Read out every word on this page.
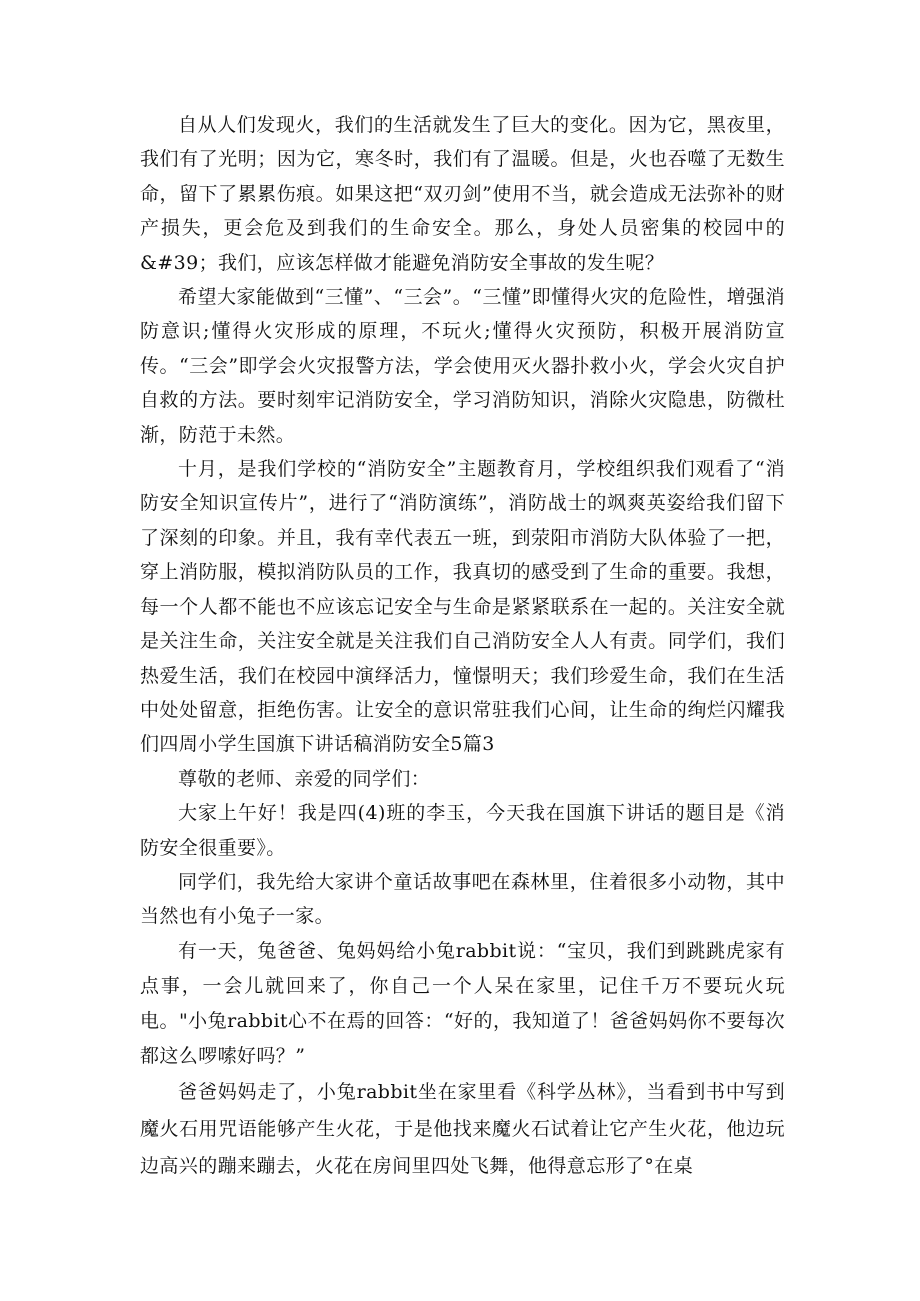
自从人们发现火，我们的生活就发生了巨大的变化。因为它，黑夜里，我们有了光明；因为它，寒冬时，我们有了温暖。但是，火也吞噬了无数生命，留下了累累伤痕。如果这把“双刃剑”使用不当，就会造成无法弥补的财产损失，更会危及到我们的生命安全。那么，身处人员密集的校园中的&#39；我们，应该怎样做才能避免消防安全事故的发生呢？

希望大家能做到“三懂”、“三会”。“三懂”即懂得火灾的危险性，增强消防意识;懂得火灾形成的原理，不玩火;懂得火灾预防，积极开展消防宣传。“三会”即学会火灾报警方法，学会使用灭火器扑救小火，学会火灾自护自救的方法。要时刻牢记消防安全，学习消防知识，消除火灾隐患，防微杜渐，防范于未然。

十月，是我们学校的“消防安全”主题教育月，学校组织我们观看了“消防安全知识宣传片”，进行了“消防演练”，消防战士的飒爽英姿给我们留下了深刻的印象。并且，我有幸代表五一班，到荥阳市消防大队体验了一把，穿上消防服，模拟消防队员的工作，我真切的感受到了生命的重要。我想，每一个人都不能也不应该忘记安全与生命是紧紧联系在一起的。关注安全就是关注生命，关注安全就是关注我们自己消防安全人人有责。同学们，我们热爱生活，我们在校园中演绎活力，憧憬明天；我们珍爱生命，我们在生活中处处留意，拒绝伤害。让安全的意识常驻我们心间，让生命的绚烂闪耀我们四周小学生国旗下讲话稿消防安全5篇3

尊敬的老师、亲爱的同学们：

大家上午好！我是四(4)班的李玉，今天我在国旗下讲话的题目是《消防安全很重要》。

同学们，我先给大家讲个童话故事吧在森林里，住着很多小动物，其中当然也有小兔子一家。

有一天，兔爸爸、兔妈妈给小兔rabbit说：“宝贝，我们到跳跳虎家有点事，一会儿就回来了，你自己一个人呆在家里，记住千万不要玩火玩电。"小兔rabbit心不在焉的回答：“好的，我知道了！爸爸妈妈你不要每次都这么啰嗦好吗？”

爸爸妈妈走了，小兔rabbit坐在家里看《科学丛林》，当看到书中写到魔火石用咒语能够产生火花，于是他找来魔火石试着让它产生火花，他边玩边高兴的蹦来蹦去，火花在房间里四处飞舞，他得意忘形了°在桌
